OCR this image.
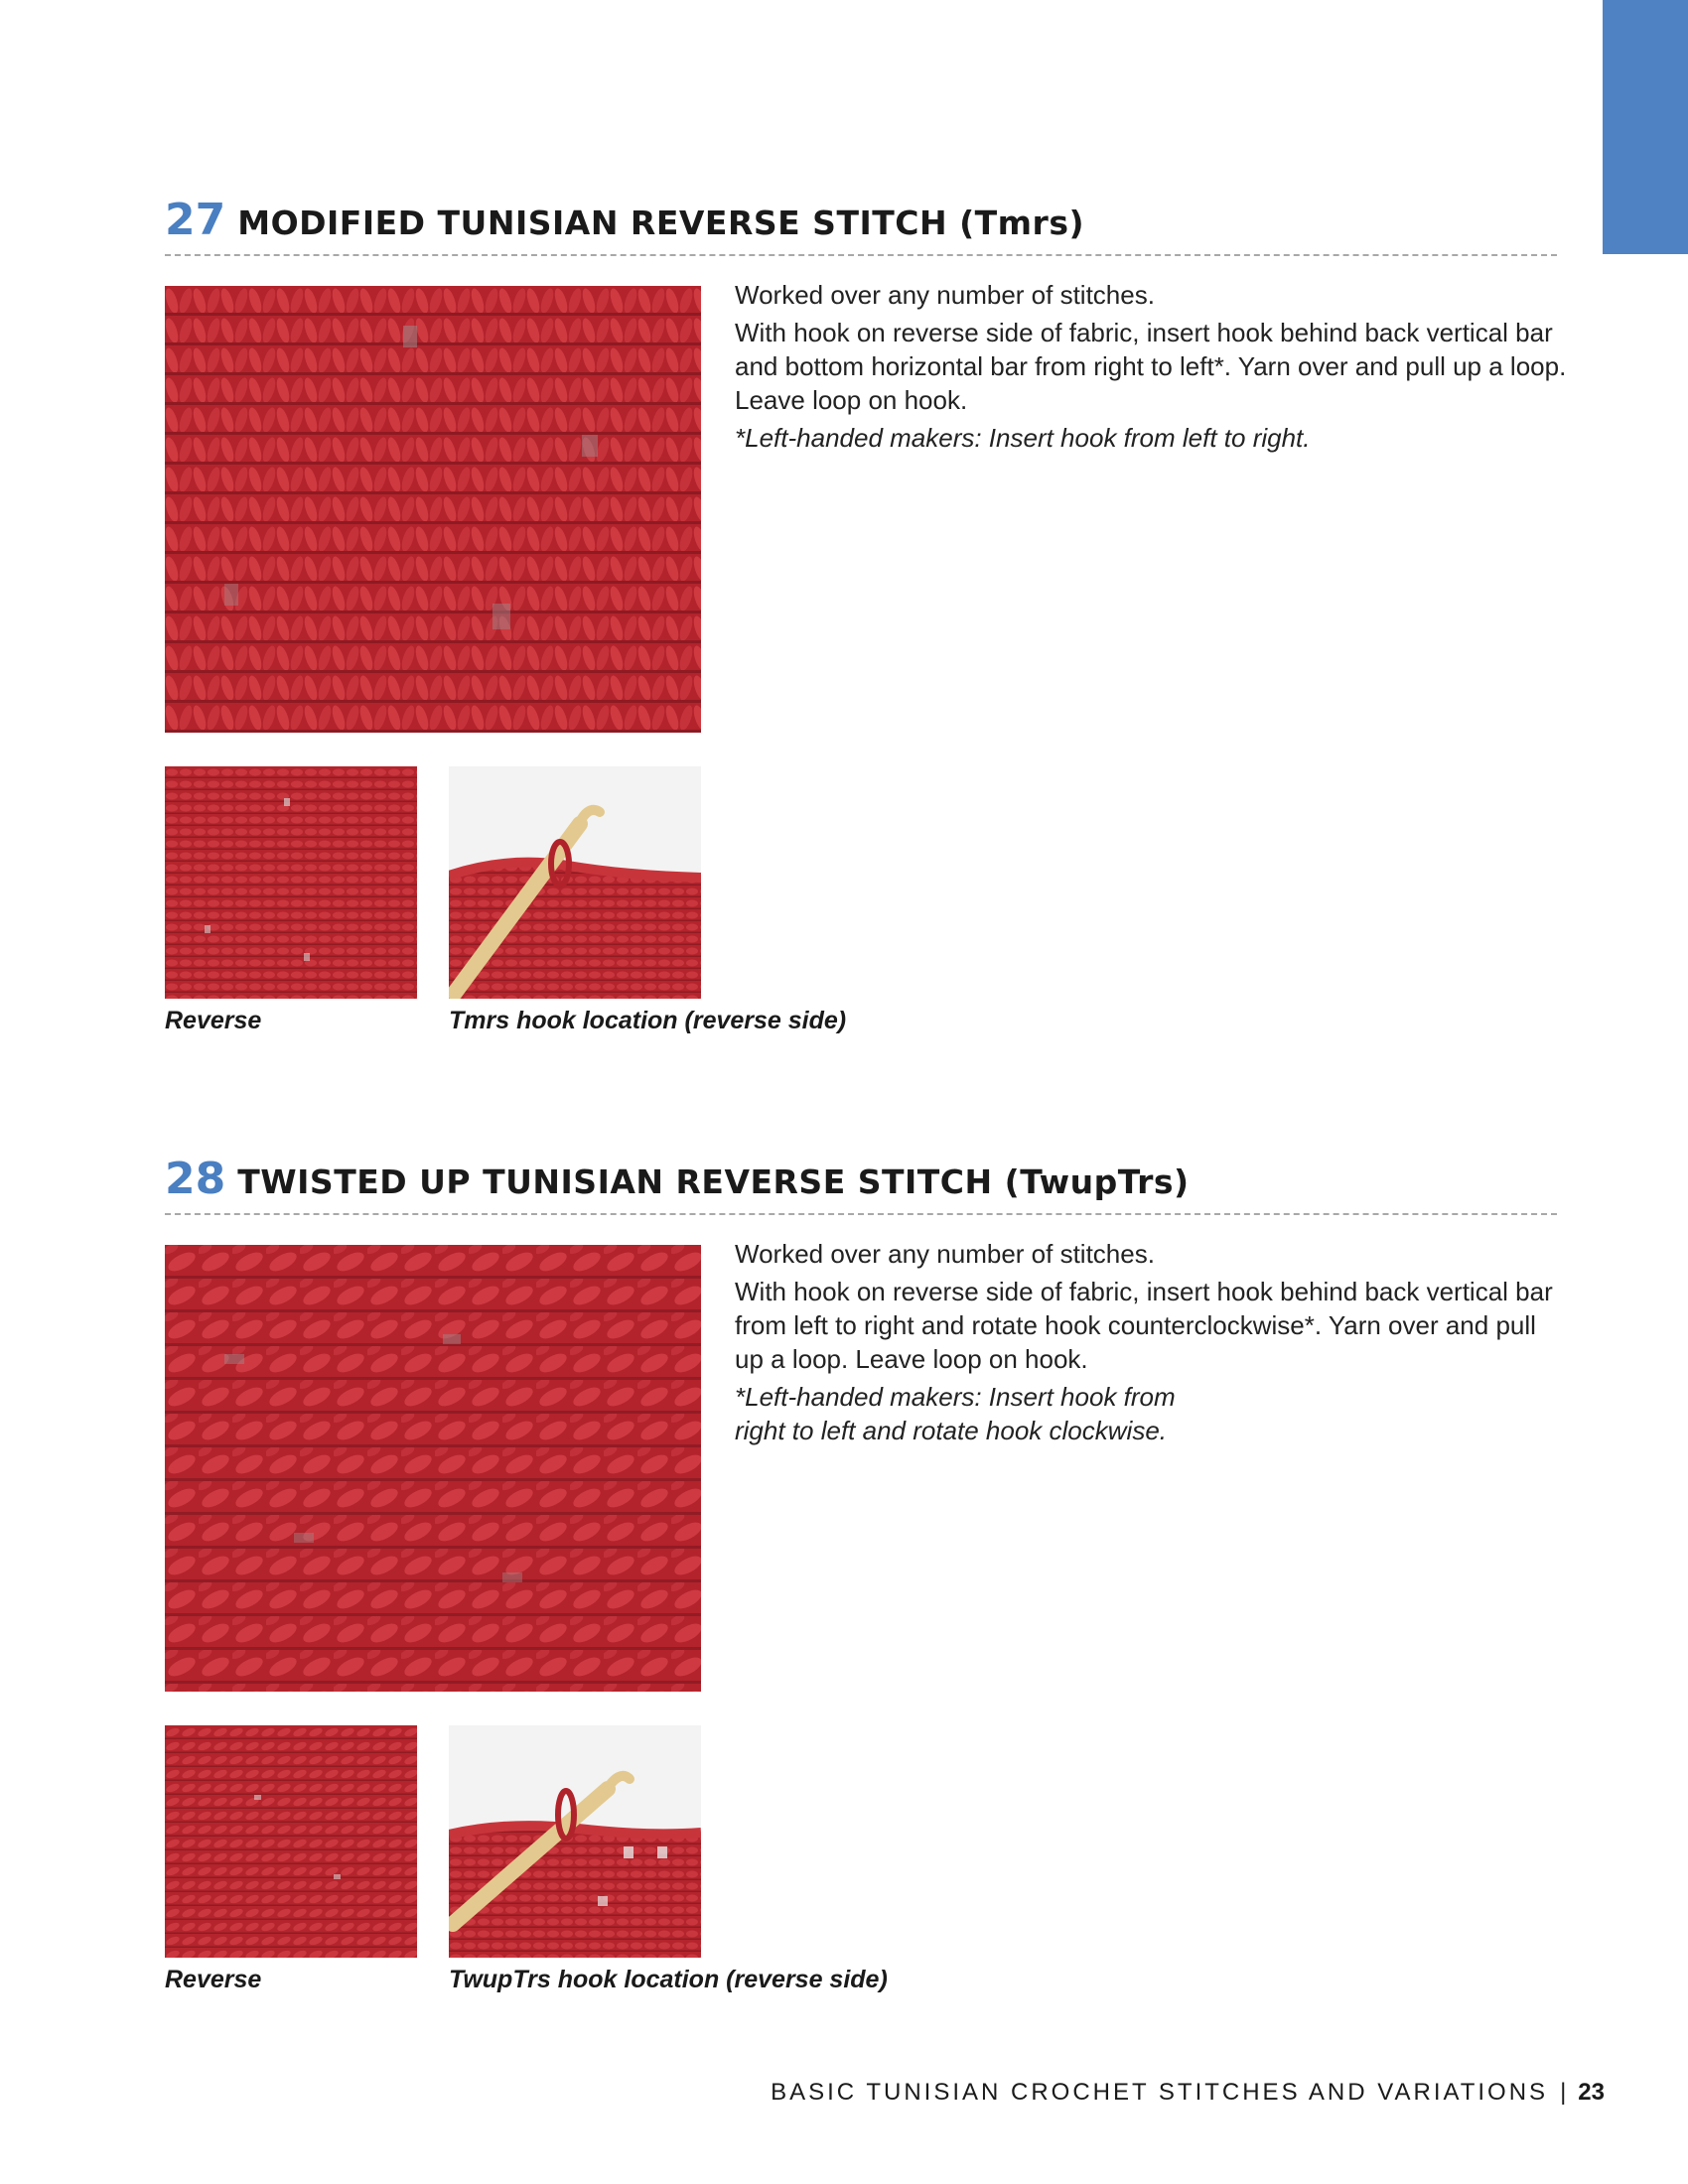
27 MODIFIED TUNISIAN REVERSE STITCH (Tmrs)

Worked over any number of stitches.

With hook on reverse side of fabric, insert hook behind back vertical bar and bottom horizontal bar from right to left*. Yarn over and pull up a loop. Leave loop on hook.

*Left-handed makers: Insert hook from left to right.

Reverse	Tmrs hook location (reverse side)
28 TWISTED UP TUNISIAN REVERSE STITCH (TwupTrs)

Worked over any number of stitches.

With hook on reverse side of fabric, insert hook behind back vertical bar from left to right and rotate hook counterclockwise*. Yarn over and pull up a loop. Leave loop on hook.

*Left-handed makers: Insert hook from right to left and rotate hook clockwise.

Reverse	TwupTrs hook location (reverse side)
BASIC TUNISIAN CROCHET STITCHES AND VARIATIONS | 23
